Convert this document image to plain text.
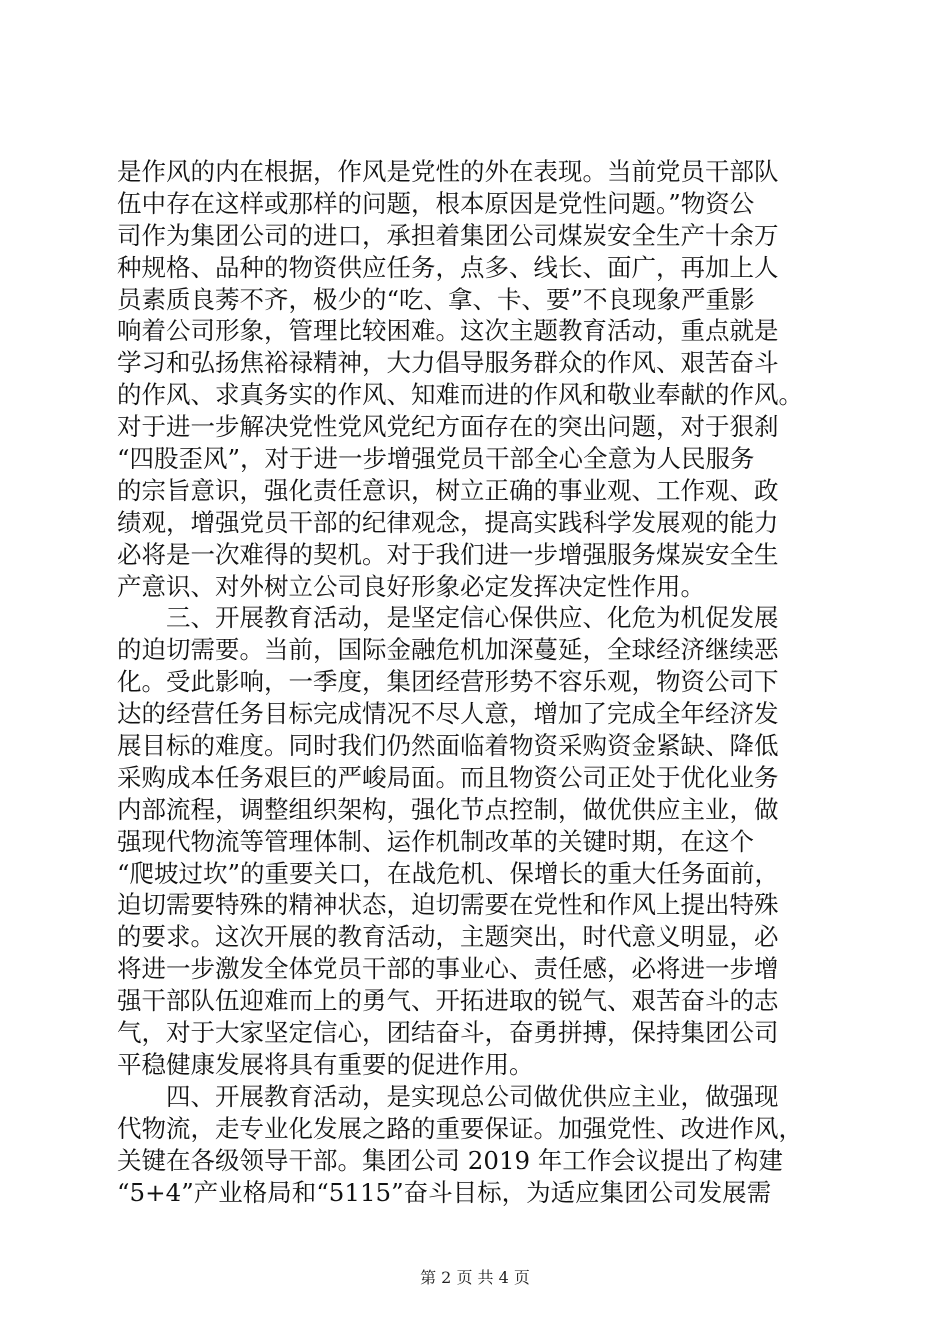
是作风的内在根据，作风是党性的外在表现。当前党员干部队
伍中存在这样或那样的问题，根本原因是党性问题。”物资公
司作为集团公司的进口，承担着集团公司煤炭安全生产十余万
种规格、品种的物资供应任务，点多、线长、面广，再加上人
员素质良莠不齐，极少的“吃、拿、卡、要”不良现象严重影
响着公司形象，管理比较困难。这次主题教育活动，重点就是
学习和弘扬焦裕禄精神，大力倡导服务群众的作风、艰苦奋斗
的作风、求真务实的作风、知难而进的作风和敬业奉献的作风。
对于进一步解决党性党风党纪方面存在的突出问题，对于狠刹
“四股歪风”，对于进一步增强党员干部全心全意为人民服务
的宗旨意识，强化责任意识，树立正确的事业观、工作观、政
绩观，增强党员干部的纪律观念，提高实践科学发展观的能力
必将是一次难得的契机。对于我们进一步增强服务煤炭安全生
产意识、对外树立公司良好形象必定发挥决定性作用。
　　三、开展教育活动，是坚定信心保供应、化危为机促发展
的迫切需要。当前，国际金融危机加深蔓延，全球经济继续恶
化。受此影响，一季度，集团经营形势不容乐观，物资公司下
达的经营任务目标完成情况不尽人意，增加了完成全年经济发
展目标的难度。同时我们仍然面临着物资采购资金紧缺、降低
采购成本任务艰巨的严峻局面。而且物资公司正处于优化业务
内部流程，调整组织架构，强化节点控制，做优供应主业，做
强现代物流等管理体制、运作机制改革的关键时期，在这个
“爬坡过坎”的重要关口，在战危机、保增长的重大任务面前，
迫切需要特殊的精神状态，迫切需要在党性和作风上提出特殊
的要求。这次开展的教育活动，主题突出，时代意义明显，必
将进一步激发全体党员干部的事业心、责任感，必将进一步增
强干部队伍迎难而上的勇气、开拓进取的锐气、艰苦奋斗的志
气，对于大家坚定信心，团结奋斗，奋勇拼搏，保持集团公司
平稳健康发展将具有重要的促进作用。
　　四、开展教育活动，是实现总公司做优供应主业，做强现
代物流，走专业化发展之路的重要保证。加强党性、改进作风，
关键在各级领导干部。集团公司 2019 年工作会议提出了构建
“5+4”产业格局和“5115”奋斗目标，为适应集团公司发展需
第 2 页 共 4 页
